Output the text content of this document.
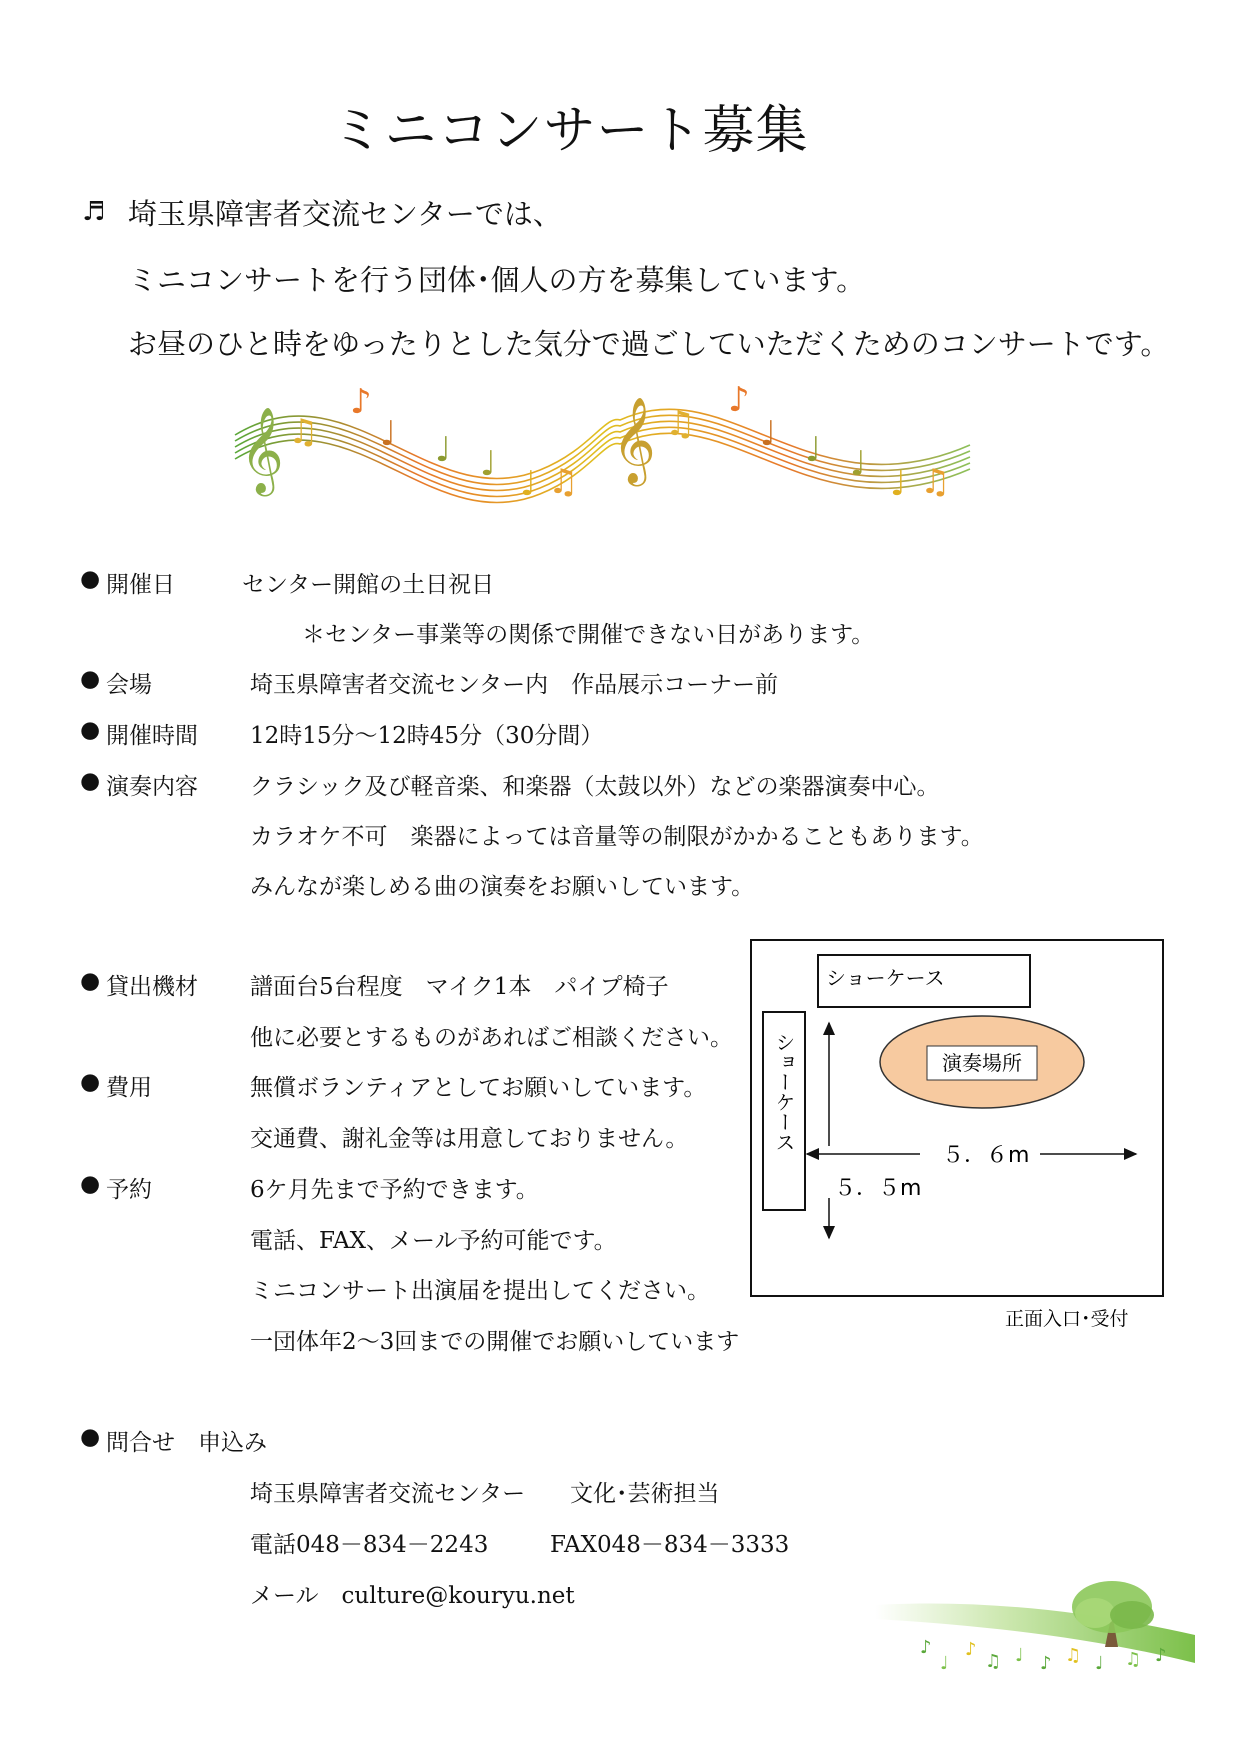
ミニコンサート募集
♬ 埼玉県障害者交流センターでは、
ミニコンサートを行う団体･個人の方を募集しています。
お昼のひと時をゆったりとした気分で過ごしていただくためのコンサートです。
𝄞	𝄞
♫
♪
♩ ♩ ♩ ♩ ♫
♫
♪
♩ ♩ ♩ ♩ ♫
● 開催日	センター開館の土日祝日
＊センター事業等の関係で開催できない日があります。
● 会場	埼玉県障害者交流センター内　作品展示コーナー前
● 開催時間 12時15分～12時45分（30分間）
● 演奏内容 クラシック及び軽音楽、和楽器（太鼓以外）などの楽器演奏中心。
カラオケ不可　楽器によっては音量等の制限がかかることもあります。
みんなが楽しめる曲の演奏をお願いしています。
● 貸出機材 譜面台5台程度　マイク1本　パイプ椅子
他に必要とするものがあればご相談ください。
● 費用	無償ボランティアとしてお願いしています。
交通費、謝礼金等は用意しておりません。
● 予約	6ケ月先まで予約できます。
電話、FAX、メール予約可能です。
ミニコンサート出演届を提出してください。
一団体年2～3回までの開催でお願いしています
● 問合せ　申込み
埼玉県障害者交流センター 文化･芸術担当
電話048－834－2243	FAX048－834－3333
メール　culture@kouryu.net
ショーケース
ショーケース	演奏場所
５．６m
５．５m
正面入口･受付
♪
♩
♪
♫ ♩ ♪ ♫ ♩ ♫ ♪
